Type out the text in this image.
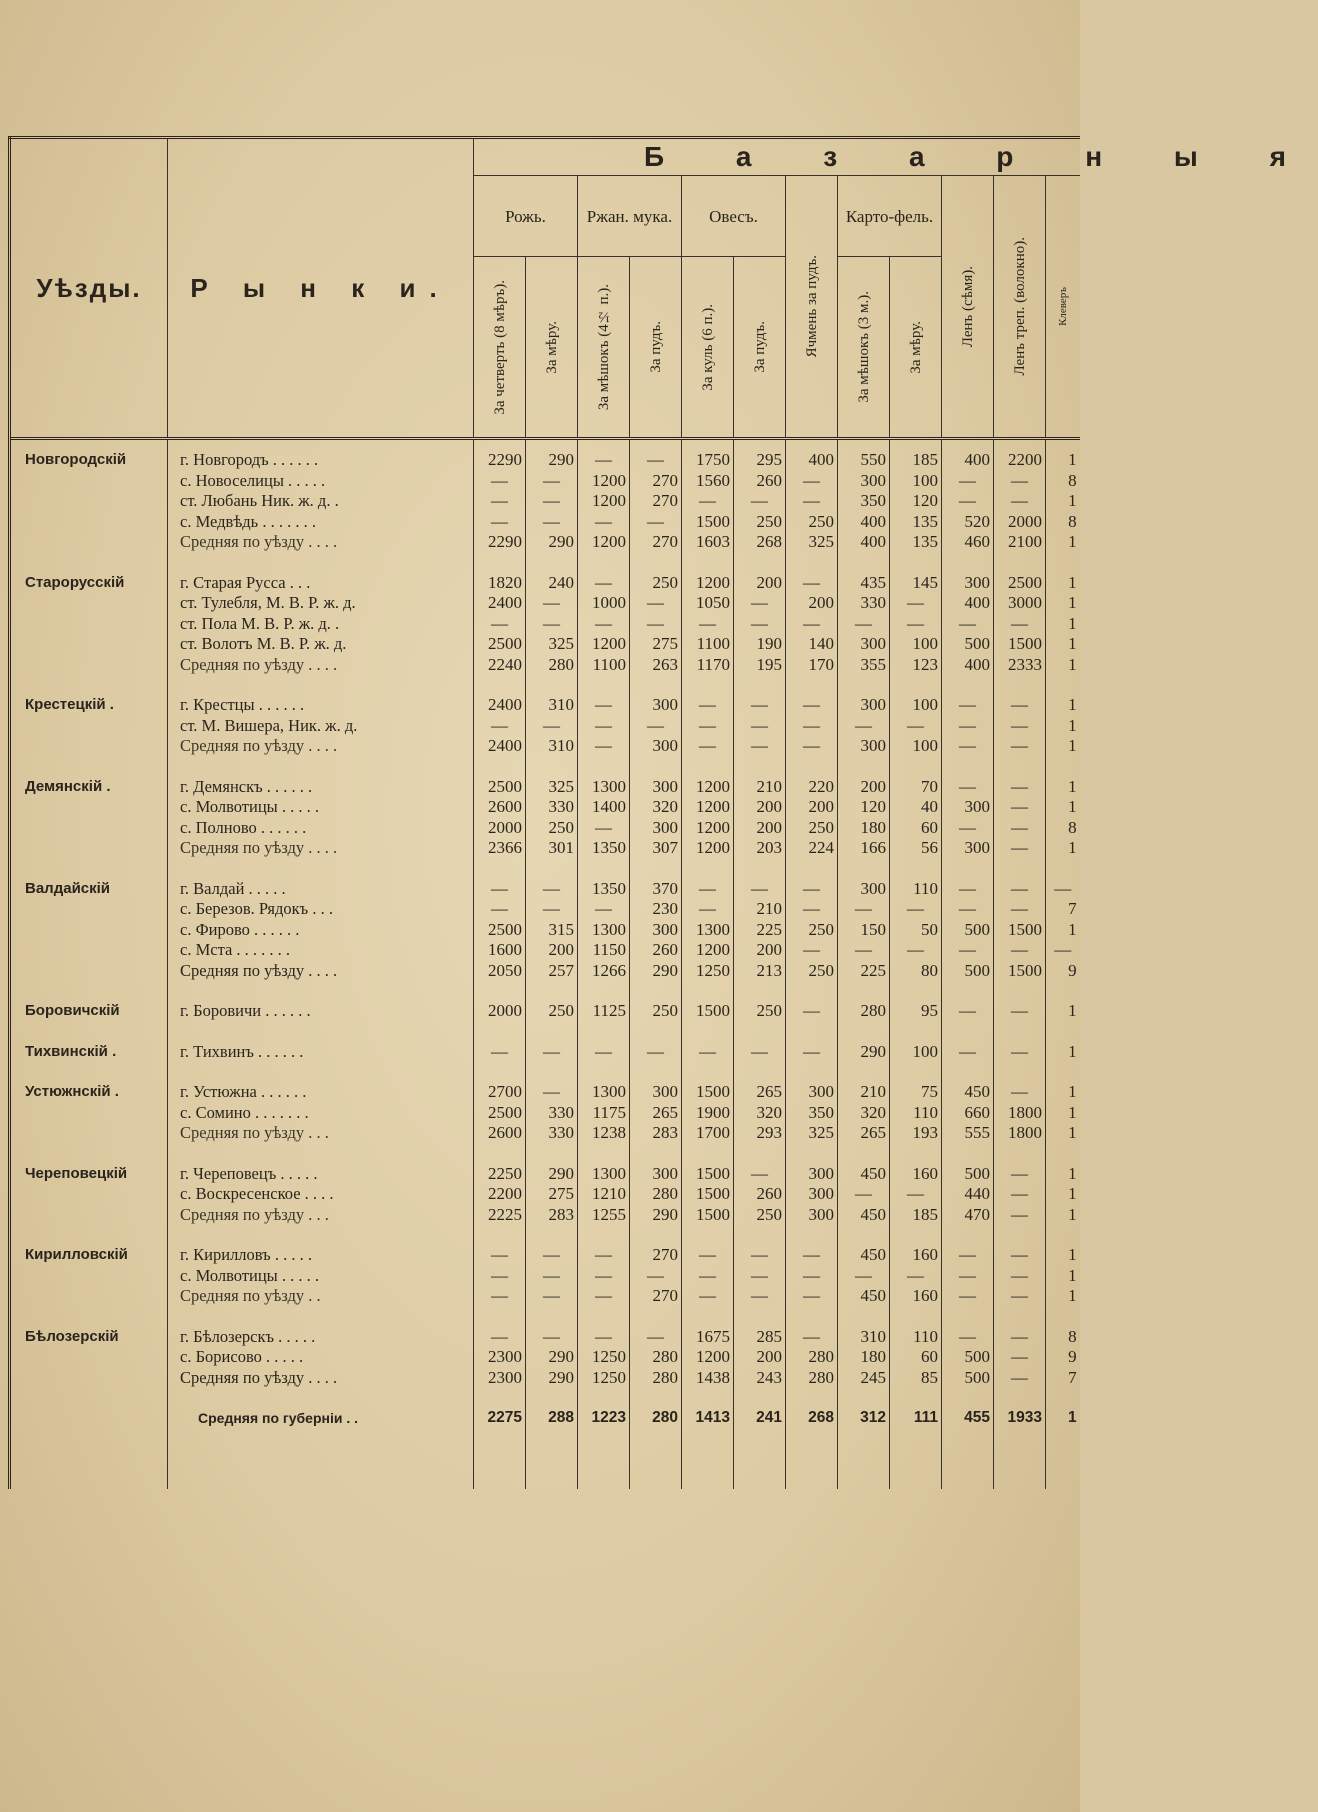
Уѣзды.	Р ы н к и.	Б а з а р н ы я											
		Рожь.		Ржан. мука.		Овесъ.		Ячмень за пудъ.	Карто-фель.		Ленъ (сѣмя).	Ленъ треп. (волокно).	Клеверъ

		За четверть (8 мѣръ).	За мѣру.	За мѣшокъ (4½ п.).	За пудъ.	За куль (6 п.).	За пудъ.		За мѣшокъ (3 м.).	За мѣру.			

Новгородскій	г. Новгородъ . . . . . .	2290	290	—	—	1750	295	400	550	185	400	2200	1
	с. Новоселицы . . . . .	—	—	1200	270	1560	260	—	300	100	—	—	8
	ст. Любань Ник. ж. д. .	—	—	1200	270	—	—	—	350	120	—	—	1
	с. Медвѣдь . . . . . . .	—	—	—	—	1500	250	250	400	135	520	2000	8
	Средняя по уѣзду . . . .	2290	290	1200	270	1603	268	325	400	135	460	2100	1

Старорусскій	г. Старая Русса . . .	1820	240	—	250	1200	200	—	435	145	300	2500	1
	ст. Тулебля, М. В. Р. ж. д.	2400	—	1000	—	1050	—	200	330	—	400	3000	1
	ст. Пола М. В. Р. ж. д. .	—	—	—	—	—	—	—	—	—	—	—	1
	ст. Волотъ М. В. Р. ж. д.	2500	325	1200	275	1100	190	140	300	100	500	1500	1
	Средняя по уѣзду . . . .	2240	280	1100	263	1170	195	170	355	123	400	2333	1

Крестецкій .	г. Крестцы . . . . . .	2400	310	—	300	—	—	—	300	100	—	—	1
	ст. М. Вишера, Ник. ж. д.	—	—	—	—	—	—	—	—	—	—	—	1
	Средняя по уѣзду . . . .	2400	310	—	300	—	—	—	300	100	—	—	1

Демянскій .	г. Демянскъ . . . . . .	2500	325	1300	300	1200	210	220	200	70	—	—	1
	с. Молвотицы . . . . .	2600	330	1400	320	1200	200	200	120	40	300	—	1
	с. Полново . . . . . .	2000	250	—	300	1200	200	250	180	60	—	—	8
	Средняя по уѣзду . . . .	2366	301	1350	307	1200	203	224	166	56	300	—	1

Валдайскій	г. Валдай . . . . .	—	—	1350	370	—	—	—	300	110	—	—	—
	с. Березов. Рядокъ . . .	—	—	—	230	—	210	—	—	—	—	—	7
	с. Фирово . . . . . .	2500	315	1300	300	1300	225	250	150	50	500	1500	1
	с. Мста . . . . . . .	1600	200	1150	260	1200	200	—	—	—	—	—	—
	Средняя по уѣзду . . . .	2050	257	1266	290	1250	213	250	225	80	500	1500	9

Боровичскій	г. Боровичи . . . . . .	2000	250	1125	250	1500	250	—	280	95	—	—	1

Тихвинскій .	г. Тихвинъ . . . . . .	—	—	—	—	—	—	—	290	100	—	—	1

Устюжнскій .	г. Устюжна . . . . . .	2700	—	1300	300	1500	265	300	210	75	450	—	1
	с. Сомино . . . . . . .	2500	330	1175	265	1900	320	350	320	110	660	1800	1
	Средняя по уѣзду . . .	2600	330	1238	283	1700	293	325	265	193	555	1800	1

Череповецкій	г. Череповецъ . . . . .	2250	290	1300	300	1500	—	300	450	160	500	—	1
	с. Воскресенское . . . .	2200	275	1210	280	1500	260	300	—	—	440	—	1
	Средняя по уѣзду . . .	2225	283	1255	290	1500	250	300	450	185	470	—	1

Кирилловскій	г. Кирилловъ . . . . .	—	—	—	270	—	—	—	450	160	—	—	1
	с. Молвотицы . . . . .	—	—	—	—	—	—	—	—	—	—	—	1
	Средняя по уѣзду . .	—	—	—	270	—	—	—	450	160	—	—	1

Бѣлозерскій	г. Бѣлозерскъ . . . . .	—	—	—	—	1675	285	—	310	110	—	—	8
	с. Борисово . . . . .	2300	290	1250	280	1200	200	280	180	60	500	—	9
	Средняя по уѣзду . . . .	2300	290	1250	280	1438	243	280	245	85	500	—	7

	Средняя по губерніи . .	2275	288	1223	280	1413	241	268	312	111	455	1933	1
